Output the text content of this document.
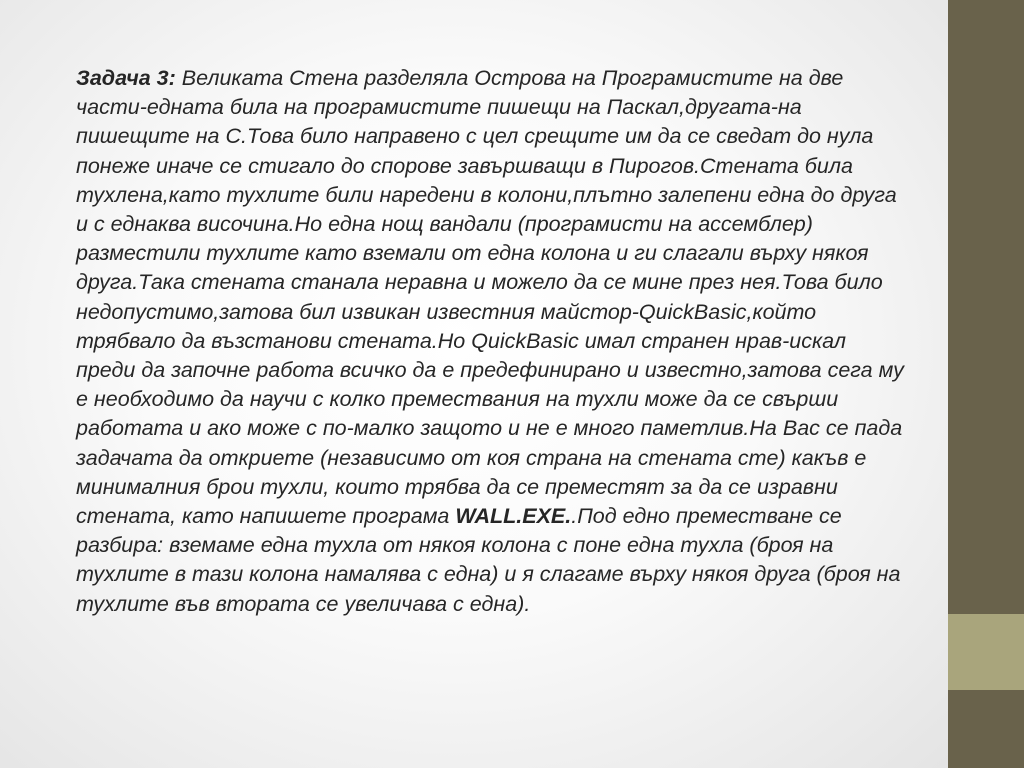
Задача 3: Великата Стена разделяла Острова на Програмистите на две части-едната била на програмистите пишещи на Паскал,другата-на пишещите на С.Това било направено с цел срещите им да се сведат до нула понеже иначе се стигало до спорове завършващи в Пирогов.Стената била тухлена,като тухлите били наредени в колони,плътно залепени една до друга и с еднаква височина.Но една нощ вандали (програмисти на ассемблер) разместили тухлите като вземали от една колона и ги слагали върху някоя друга.Така стената станала неравна и можело да се мине през нея.Това било недопустимо,затова бил извикан известния майстор-QuickBasic,който трябвало да възстанови стената.Но QuickBasic имал странен нрав-искал преди да започне работа всичко да е предефинирано и известно,затова сега му е необходимо да научи с колко премествания на тухли може да се свърши работата и ако може с по-малко защото и не е много паметлив.На Вас се пада задачата да откриете (независимо от коя страна на стената сте) какъв е минималния брои тухли, които трябва да се преместят за да се изравни стената, като напишете програма WALL.EXE..Под едно преместване се разбира: вземаме една тухла от някоя колона с поне една тухла (броя на тухлите в тази колона намалява с една) и я слагаме върху някоя друга (броя на тухлите във втората се увеличава с една).
